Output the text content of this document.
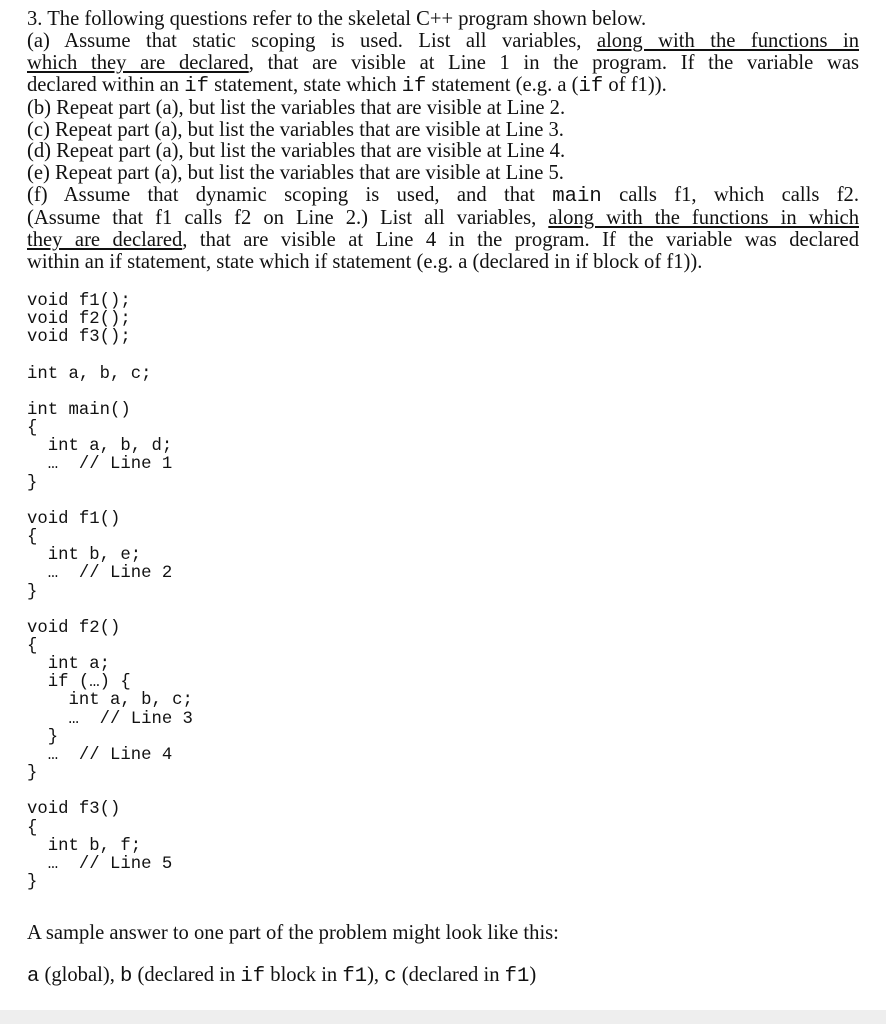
3. The following questions refer to the skeletal C++ program shown below.
(a) Assume that static scoping is used. List all variables, along with the functions in
which they are declared, that are visible at Line 1 in the program. If the variable was
declared within an if statement, state which if statement (e.g. a (if of f1)).
(b) Repeat part (a), but list the variables that are visible at Line 2.
(c) Repeat part (a), but list the variables that are visible at Line 3.
(d) Repeat part (a), but list the variables that are visible at Line 4.
(e) Repeat part (a), but list the variables that are visible at Line 5.
(f) Assume that dynamic scoping is used, and that main calls f1, which calls f2.
(Assume that f1 calls f2 on Line 2.) List all variables, along with the functions in which
they are declared, that are visible at Line 4 in the program. If the variable was declared
within an if statement, state which if statement (e.g. a (declared in if block of f1)).
void f1();
void f2();
void f3();

int a, b, c;

int main()
{
int a, b, d;
…  // Line 1
}

void f1()
{
int b, e;
…  // Line 2
}

void f2()
{
int a;
if (…) {
int a, b, c;
…  // Line 3
}
…  // Line 4
}

void f3()
{
int b, f;
…  // Line 5
}
A sample answer to one part of the problem might look like this:
a (global), b (declared in if block in f1), c (declared in f1)
